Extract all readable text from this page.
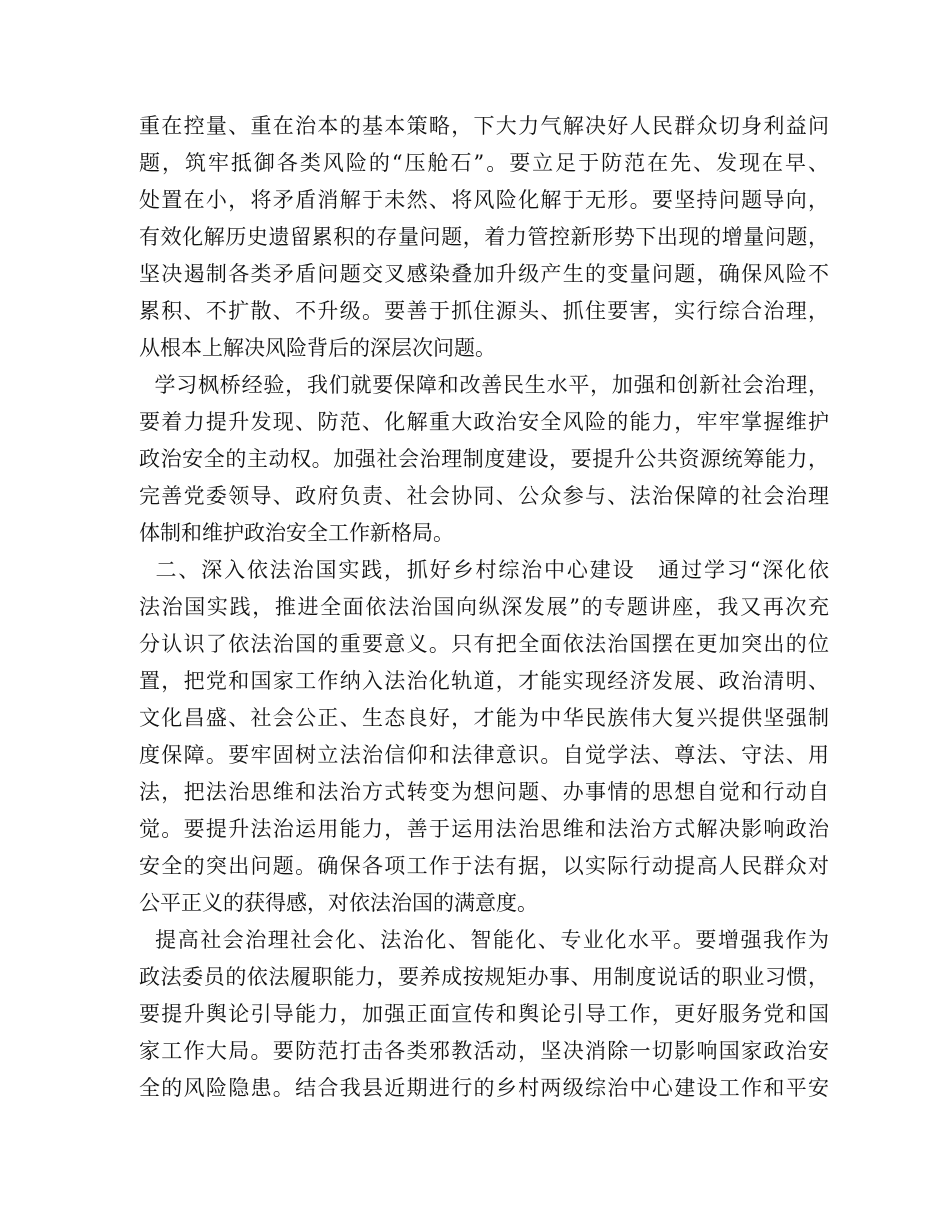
重在控量、重在治本的基本策略，下大力气解决好人民群众切身利益问
题，筑牢抵御各类风险的“压舱石”。要立足于防范在先、发现在早、
处置在小，将矛盾消解于未然、将风险化解于无形。要坚持问题导向，
有效化解历史遗留累积的存量问题，着力管控新形势下出现的增量问题，
坚决遏制各类矛盾问题交叉感染叠加升级产生的变量问题，确保风险不
累积、不扩散、不升级。要善于抓住源头、抓住要害，实行综合治理，
从根本上解决风险背后的深层次问题。
学习枫桥经验，我们就要保障和改善民生水平，加强和创新社会治理，
要着力提升发现、防范、化解重大政治安全风险的能力，牢牢掌握维护
政治安全的主动权。加强社会治理制度建设，要提升公共资源统筹能力，
完善党委领导、政府负责、社会协同、公众参与、法治保障的社会治理
体制和维护政治安全工作新格局。
二、深入依法治国实践，抓好乡村综治中心建设　通过学习“深化依
法治国实践，推进全面依法治国向纵深发展”的专题讲座，我又再次充
分认识了依法治国的重要意义。只有把全面依法治国摆在更加突出的位
置，把党和国家工作纳入法治化轨道，才能实现经济发展、政治清明、
文化昌盛、社会公正、生态良好，才能为中华民族伟大复兴提供坚强制
度保障。要牢固树立法治信仰和法律意识。自觉学法、尊法、守法、用
法，把法治思维和法治方式转变为想问题、办事情的思想自觉和行动自
觉。要提升法治运用能力，善于运用法治思维和法治方式解决影响政治
安全的突出问题。确保各项工作于法有据，以实际行动提高人民群众对
公平正义的获得感，对依法治国的满意度。
提高社会治理社会化、法治化、智能化、专业化水平。要增强我作为
政法委员的依法履职能力，要养成按规矩办事、用制度说话的职业习惯，
要提升舆论引导能力，加强正面宣传和舆论引导工作，更好服务党和国
家工作大局。要防范打击各类邪教活动，坚决消除一切影响国家政治安
全的风险隐患。结合我县近期进行的乡村两级综治中心建设工作和平安
